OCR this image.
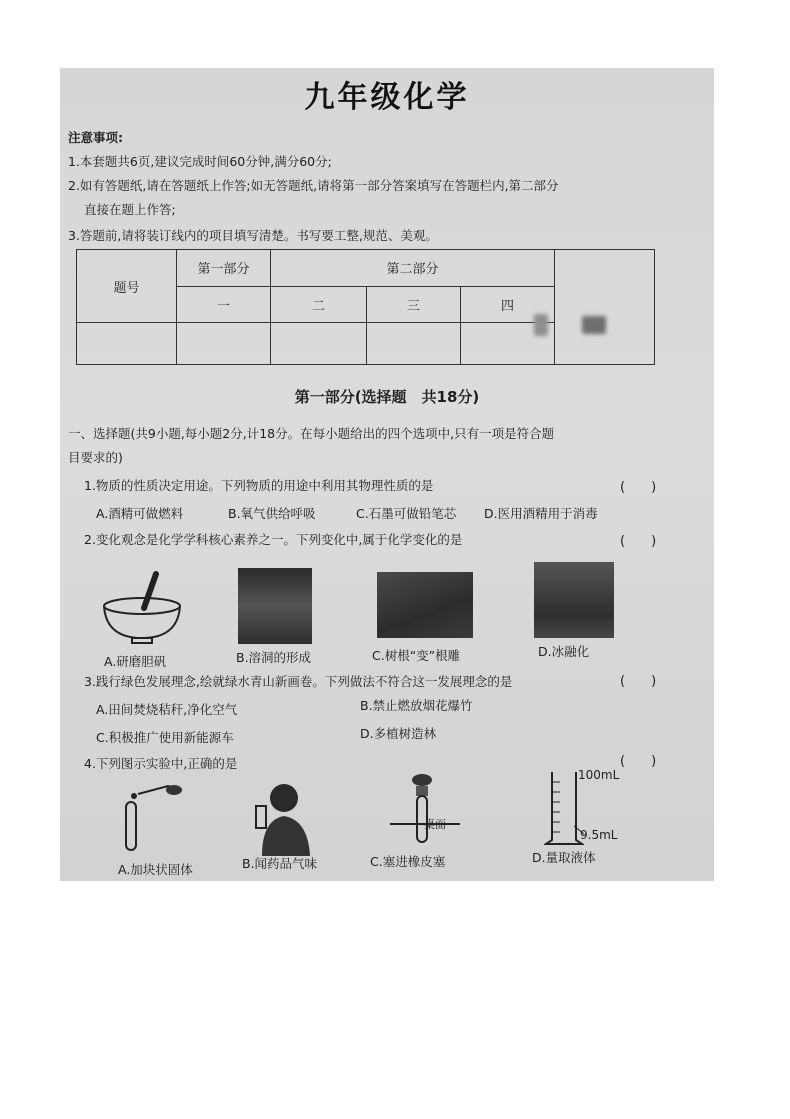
九年级化学
注意事项:
1.本套题共6页,建议完成时间60分钟,满分60分;
2.如有答题纸,请在答题纸上作答;如无答题纸,请将第一部分答案填写在答题栏内,第二部分
直接在题上作答;
3.答题前,请将装订线内的项目填写清楚。书写要工整,规范、美观。
题号	第一部分	第二部分			
	一	二	三	四	

第一部分(选择题　共18分)
一、选择题(共9小题,每小题2分,计18分。在每小题给出的四个选项中,只有一项是符合题
目要求的)
1.物质的性质决定用途。下列物质的用途中利用其物理性质的是	(　　)
A.酒精可做燃料	B.氧气供给呼吸	C.石墨可做铅笔芯 D.医用酒精用于消毒
2.变化观念是化学学科核心素养之一。下列变化中,属于化学变化的是	(　　)
A.研磨胆矾	B.溶洞的形成	C.树根“变”根雕	D.冰融化
3.践行绿色发展理念,绘就绿水青山新画卷。下列做法不符合这一发展理念的是	(　　)
A.田间焚烧秸秆,净化空气	B.禁止燃放烟花爆竹
C.积极推广使用新能源车	D.多植树造林
4.下列图示实验中,正确的是	(　　)
桌面
100mL
9.5mL
A.加块状固体	B.闻药品气味	C.塞进橡皮塞	D.量取液体
